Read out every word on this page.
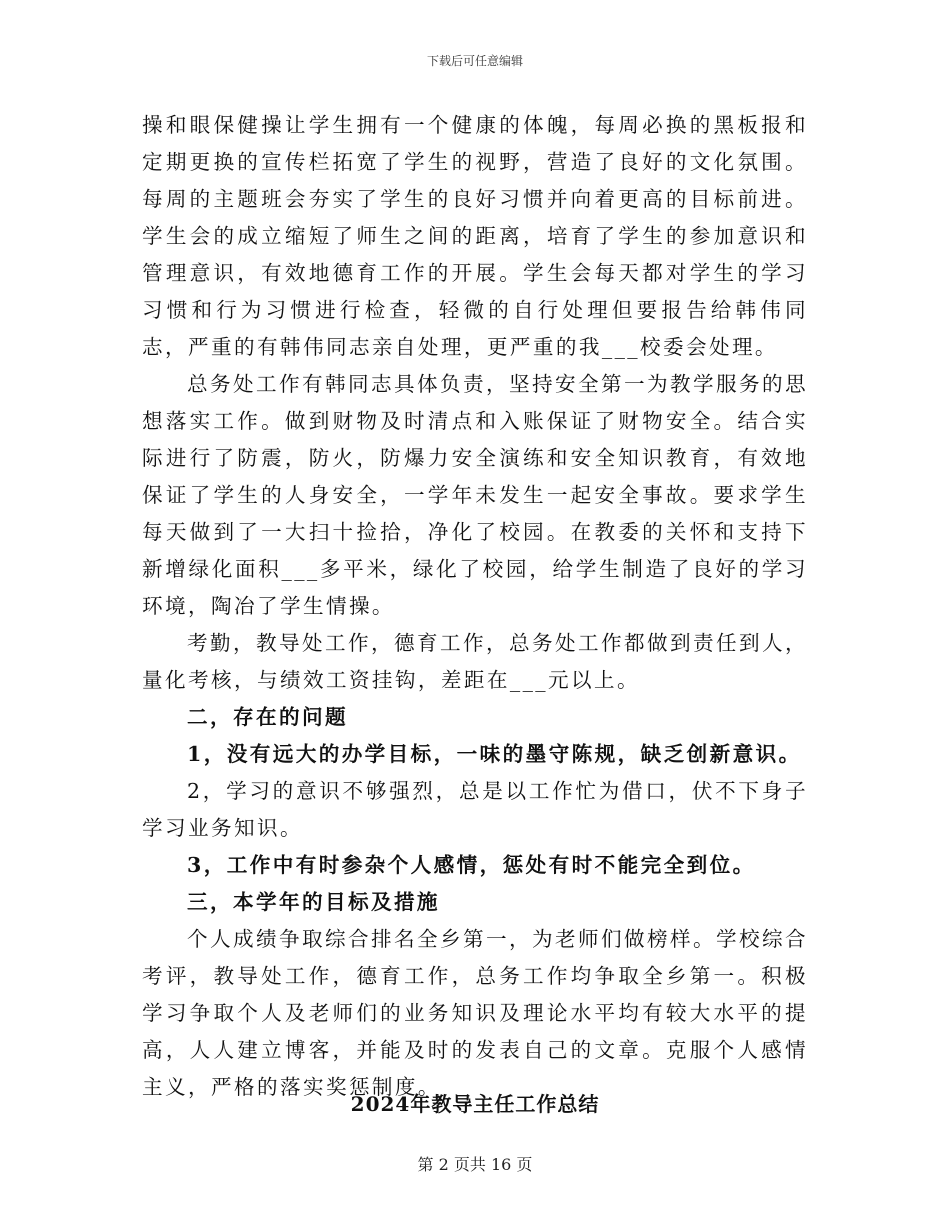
下载后可任意编辑

操和眼保健操让学生拥有一个健康的体魄，每周必换的黑板报和定期更换的宣传栏拓宽了学生的视野，营造了良好的文化氛围。每周的主题班会夯实了学生的良好习惯并向着更高的目标前进。学生会的成立缩短了师生之间的距离，培育了学生的参加意识和管理意识，有效地德育工作的开展。学生会每天都对学生的学习习惯和行为习惯进行检查，轻微的自行处理但要报告给韩伟同志，严重的有韩伟同志亲自处理，更严重的我___校委会处理。

总务处工作有韩同志具体负责，坚持安全第一为教学服务的思想落实工作。做到财物及时清点和入账保证了财物安全。结合实际进行了防震，防火，防爆力安全演练和安全知识教育，有效地保证了学生的人身安全，一学年未发生一起安全事故。要求学生每天做到了一大扫十捡拾，净化了校园。在教委的关怀和支持下新增绿化面积___多平米，绿化了校园，给学生制造了良好的学习环境，陶冶了学生情操。

考勤，教导处工作，德育工作，总务处工作都做到责任到人，量化考核，与绩效工资挂钩，差距在___元以上。

二，存在的问题

1，没有远大的办学目标，一味的墨守陈规，缺乏创新意识。

2，学习的意识不够强烈，总是以工作忙为借口，伏不下身子学习业务知识。

3，工作中有时参杂个人感情，惩处有时不能完全到位。

三，本学年的目标及措施

个人成绩争取综合排名全乡第一，为老师们做榜样。学校综合考评，教导处工作，德育工作，总务工作均争取全乡第一。积极学习争取个人及老师们的业务知识及理论水平均有较大水平的提高，人人建立博客，并能及时的发表自己的文章。克服个人感情主义，严格的落实奖惩制度。

2024年教导主任工作总结
第 2 页共 16 页
